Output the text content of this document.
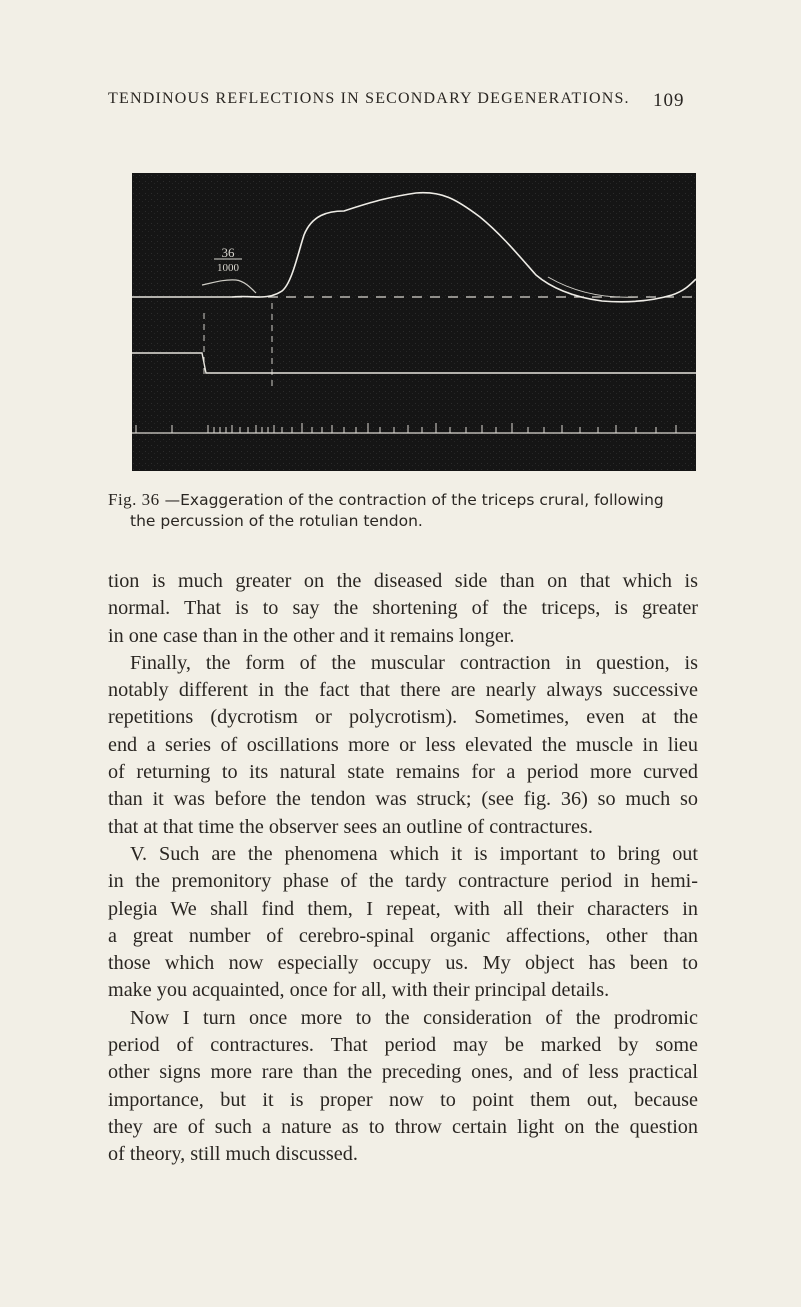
TENDINOUS REFLECTIONS IN SECONDARY DEGENERATIONS. 109
36
1000
Fig. 36 —Exaggeration of the contraction of the triceps crural, following
the percussion of the rotulian tendon.
tion is much greater on the diseased side than on that which is
normal. That is to say the shortening of the triceps, is greater
in one case than in the other and it remains longer.
Finally, the form of the muscular contraction in question, is
notably different in the fact that there are nearly always successive
repetitions (dycrotism or polycrotism). Sometimes, even at the
end a series of oscillations more or less elevated the muscle in lieu
of returning to its natural state remains for a period more curved
than it was before the tendon was struck; (see fig. 36) so much so
that at that time the observer sees an outline of contractures.
V. Such are the phenomena which it is important to bring out
in the premonitory phase of the tardy contracture period in hemi-
plegia We shall find them, I repeat, with all their characters in
a great number of cerebro-spinal organic affections, other than
those which now especially occupy us. My object has been to
make you acquainted, once for all, with their principal details.
Now I turn once more to the consideration of the prodromic
period of contractures. That period may be marked by some
other signs more rare than the preceding ones, and of less practical
importance, but it is proper now to point them out, because
they are of such a nature as to throw certain light on the question
of theory, still much discussed.
